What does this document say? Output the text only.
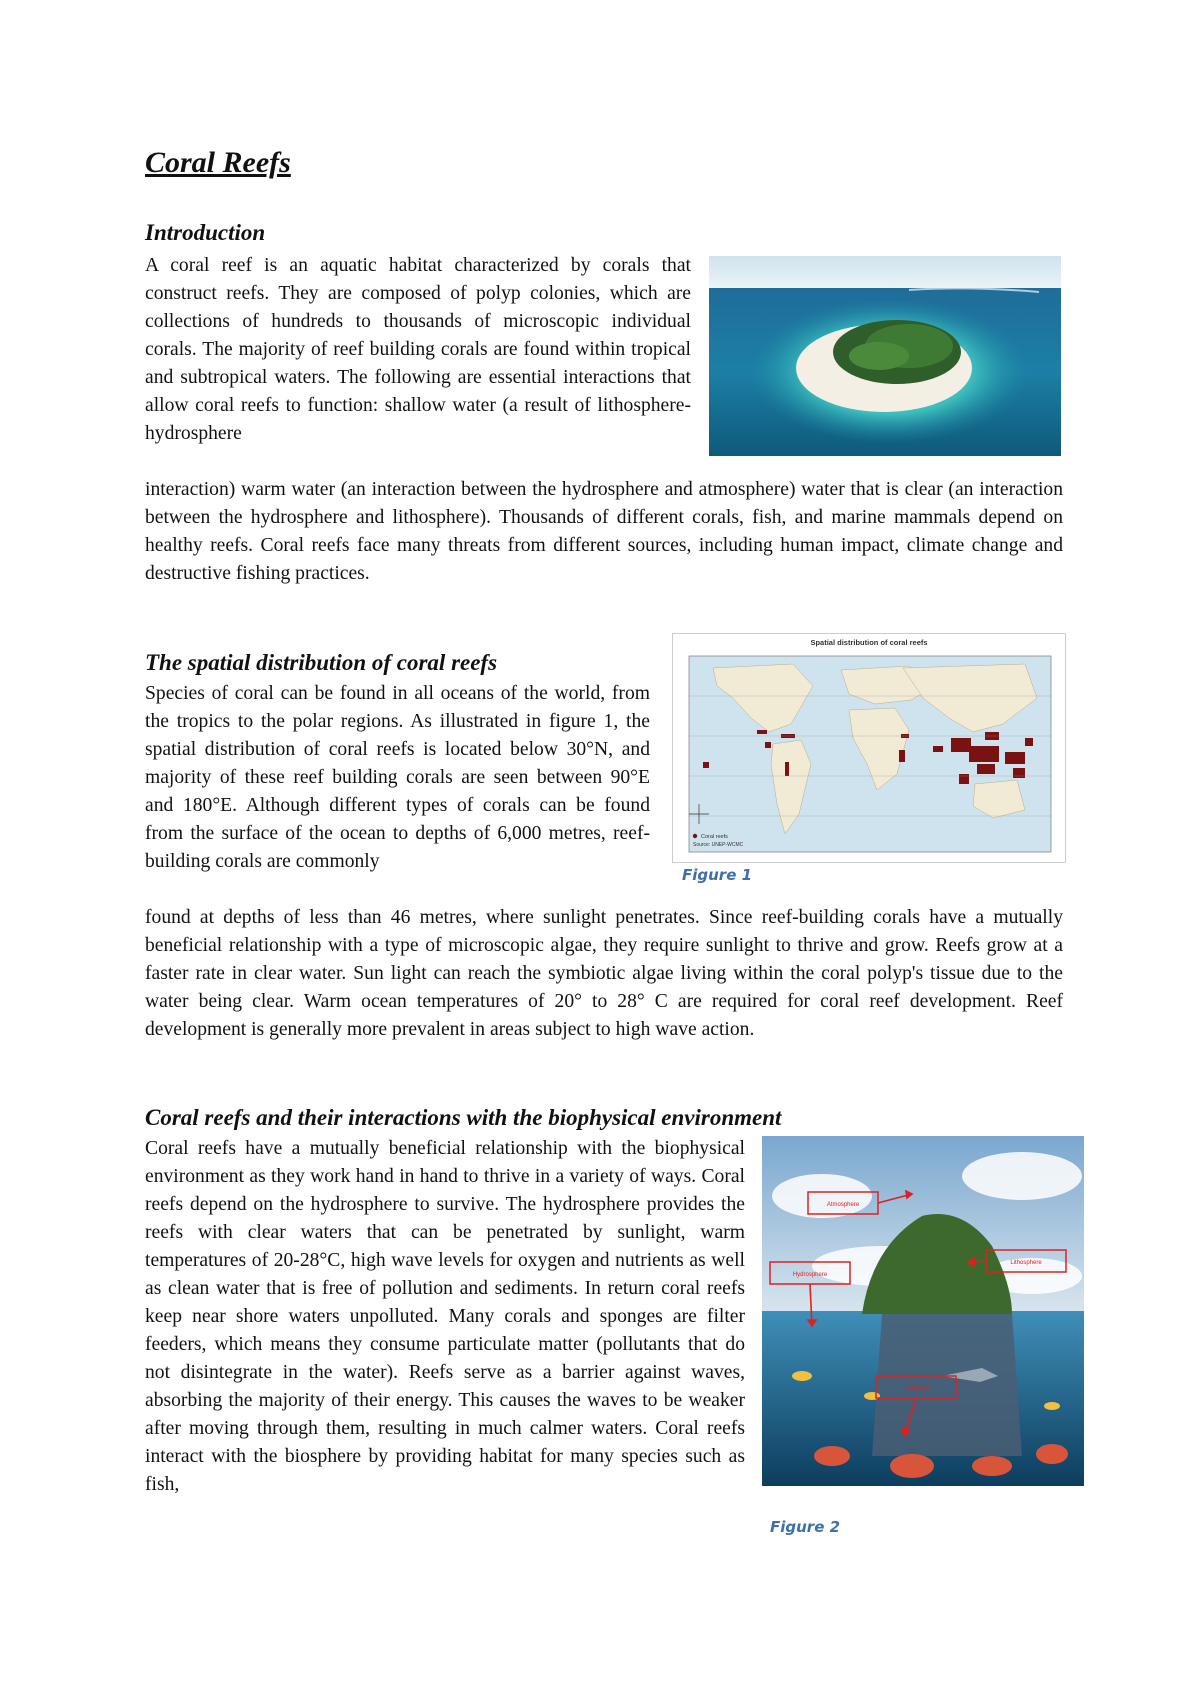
Coral Reefs
Introduction

A coral reef is an aquatic habitat characterized by corals that construct reefs. They are composed of polyp colonies, which are collections of hundreds to thousands of microscopic individual corals. The majority of reef building corals are found within tropical and subtropical waters. The following are essential interactions that allow coral reefs to function: shallow water (a result of lithosphere-hydrosphere

interaction) warm water (an interaction between the hydrosphere and atmosphere) water that is clear (an interaction between the hydrosphere and lithosphere). Thousands of different corals, fish, and marine mammals depend on healthy reefs. Coral reefs face many threats from different sources, including human impact, climate change and destructive fishing practices.

The spatial distribution of coral reefs

Species of coral can be found in all oceans of the world, from the tropics to the polar regions. As illustrated in figure 1, the spatial distribution of coral reefs is located below 30°N, and majority of these reef building corals are seen between 90°E and 180°E. Although different types of corals can be found from the surface of the ocean to depths of 6,000 metres, reef-building corals are commonly

found at depths of less than 46 metres, where sunlight penetrates. Since reef-building corals have a mutually beneficial relationship with a type of microscopic algae, they require sunlight to thrive and grow. Reefs grow at a faster rate in clear water. Sun light can reach the symbiotic algae living within the coral polyp's tissue due to the water being clear. Warm ocean temperatures of 20° to 28° C are required for coral reef development. Reef development is generally more prevalent in areas subject to high wave action.

Spatial distribution of coral reefs
Coral reefs
Source: UNEP-WCMC
Figure 1
Coral reefs and their interactions with the biophysical environment

Coral reefs have a mutually beneficial relationship with the biophysical environment as they work hand in hand to thrive in a variety of ways. Coral reefs depend on the hydrosphere to survive. The hydrosphere provides the reefs with clear waters that can be penetrated by sunlight, warm temperatures of 20-28°C, high wave levels for oxygen and nutrients as well as clean water that is free of pollution and sediments. In return coral reefs keep near shore waters unpolluted. Many corals and sponges are filter feeders, which means they consume particulate matter (pollutants that do not disintegrate in the water). Reefs serve as a barrier against waves, absorbing the majority of their energy. This causes the waves to be weaker after moving through them, resulting in much calmer waters. Coral reefs interact with the biosphere by providing habitat for many species such as fish,

Atmosphere
Lithosphere
Hydrosphere
Biosphere
Figure 2
